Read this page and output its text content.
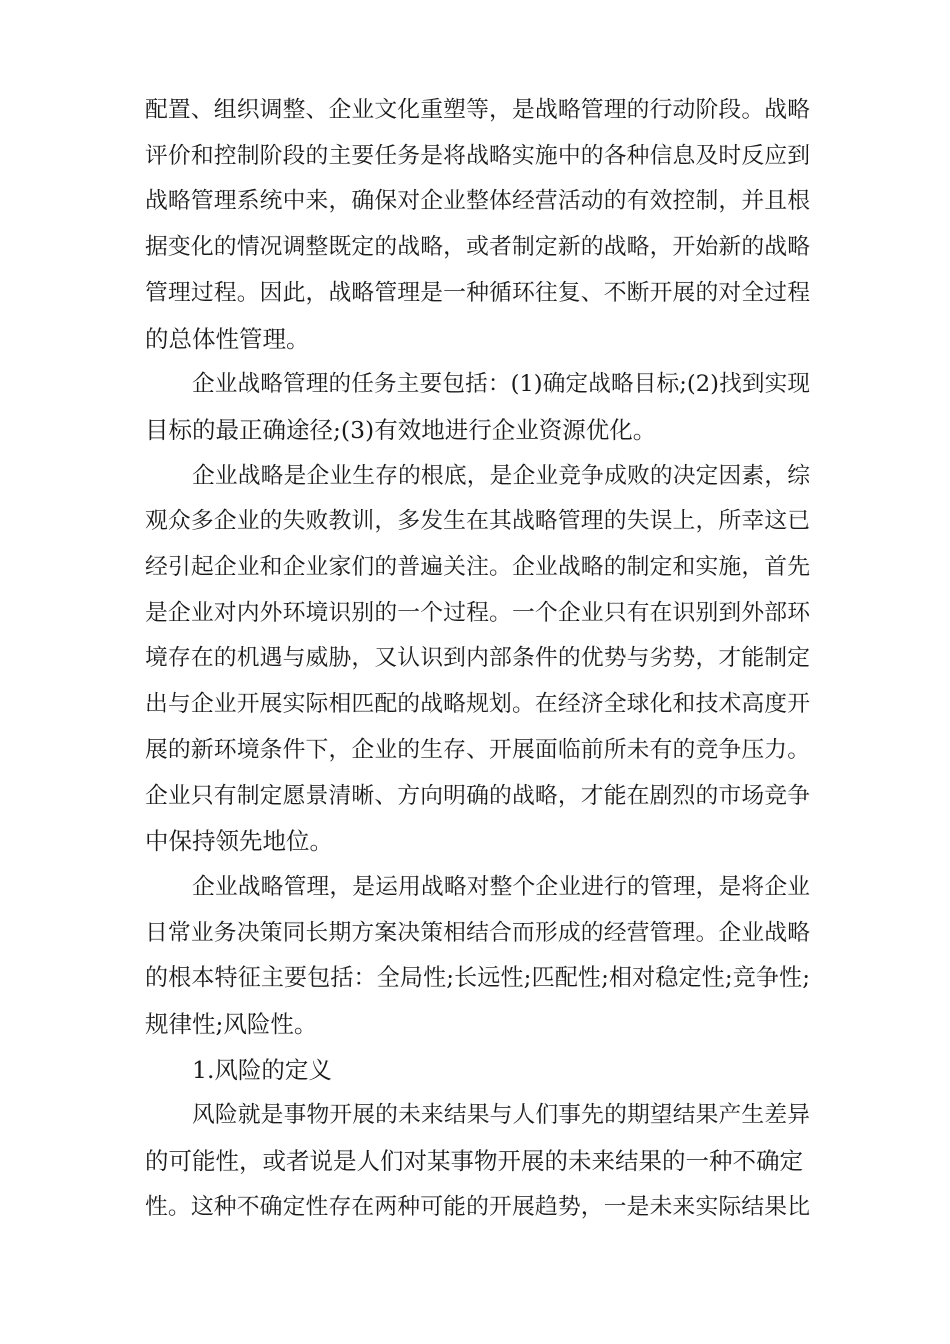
配置、组织调整、企业文化重塑等，是战略管理的行动阶段。战略
评价和控制阶段的主要任务是将战略实施中的各种信息及时反应到
战略管理系统中来，确保对企业整体经营活动的有效控制，并且根
据变化的情况调整既定的战略，或者制定新的战略，开始新的战略
管理过程。因此，战略管理是一种循环往复、不断开展的对全过程
的总体性管理。

企业战略管理的任务主要包括：(1)确定战略目标;(2)找到实现
目标的最正确途径;(3)有效地进行企业资源优化。

企业战略是企业生存的根底，是企业竞争成败的决定因素，综
观众多企业的失败教训，多发生在其战略管理的失误上，所幸这已
经引起企业和企业家们的普遍关注。企业战略的制定和实施，首先
是企业对内外环境识别的一个过程。一个企业只有在识别到外部环
境存在的机遇与威胁，又认识到内部条件的优势与劣势，才能制定
出与企业开展实际相匹配的战略规划。在经济全球化和技术高度开
展的新环境条件下，企业的生存、开展面临前所未有的竞争压力。
企业只有制定愿景清晰、方向明确的战略，才能在剧烈的市场竞争
中保持领先地位。

企业战略管理，是运用战略对整个企业进行的管理，是将企业
日常业务决策同长期方案决策相结合而形成的经营管理。企业战略
的根本特征主要包括：全局性;长远性;匹配性;相对稳定性;竞争性;
规律性;风险性。

1.风险的定义

风险就是事物开展的未来结果与人们事先的期望结果产生差异
的可能性，或者说是人们对某事物开展的未来结果的一种不确定
性。这种不确定性存在两种可能的开展趋势，一是未来实际结果比
